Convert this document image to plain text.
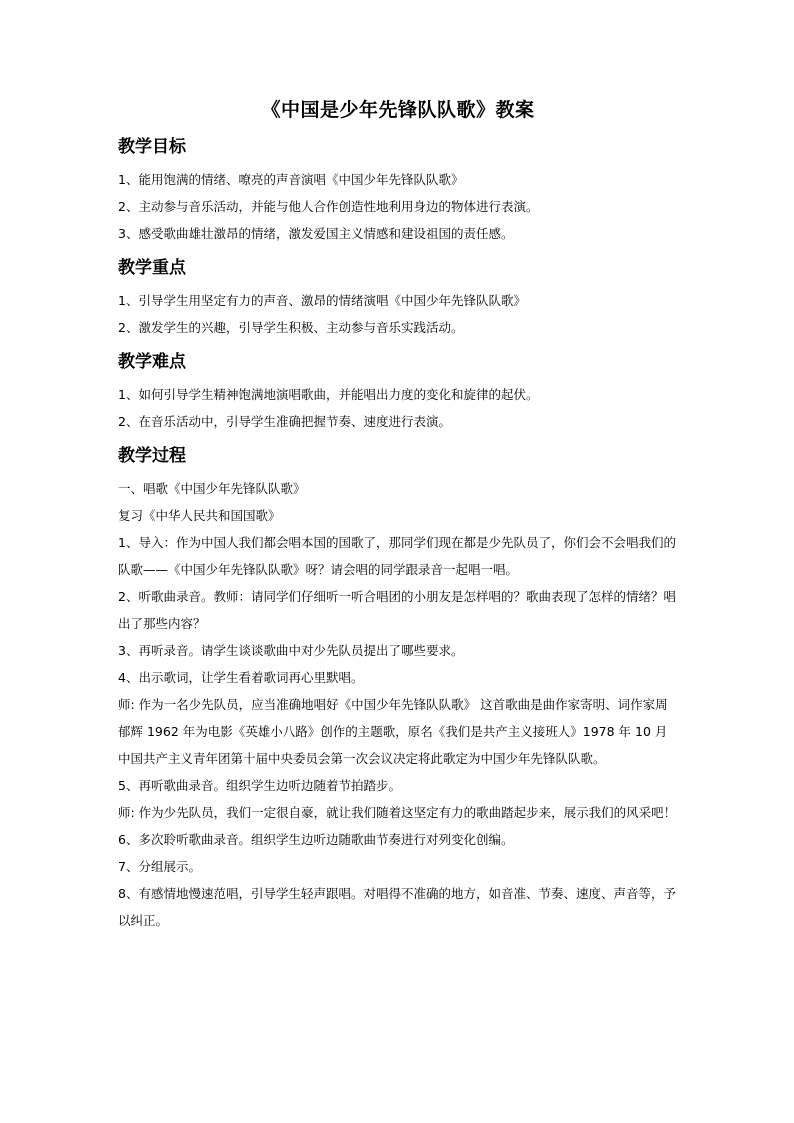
《中国是少年先锋队队歌》教案
教学目标

1、能用饱满的情绪、嘹亮的声音演唱《中国少年先锋队队歌》

2、主动参与音乐活动，并能与他人合作创造性地利用身边的物体进行表演。

3、感受歌曲雄壮激昂的情绪，激发爱国主义情感和建设祖国的责任感。

教学重点

1、引导学生用坚定有力的声音、激昂的情绪演唱《中国少年先锋队队歌》

2、激发学生的兴趣，引导学生积极、主动参与音乐实践活动。

教学难点

1、如何引导学生精神饱满地演唱歌曲，并能唱出力度的变化和旋律的起伏。

2、在音乐活动中，引导学生准确把握节奏、速度进行表演。

教学过程

一、唱歌《中国少年先锋队队歌》

复习《中华人民共和国国歌》

1、导入：作为中国人我们都会唱本国的国歌了，那同学们现在都是少先队员了，你们会不会唱我们的队歌——《中国少年先锋队队歌》呀？请会唱的同学跟录音一起唱一唱。

2、听歌曲录音。教师：请同学们仔细听一听合唱团的小朋友是怎样唱的？歌曲表现了怎样的情绪？唱出了那些内容？

3、再听录音。请学生谈谈歌曲中对少先队员提出了哪些要求。

4、出示歌词，让学生看着歌词再心里默唱。

师: 作为一名少先队员，应当准确地唱好《中国少年先锋队队歌》 这首歌曲是曲作家寄明、词作家周郁辉 1962 年为电影《英雄小八路》创作的主题歌，原名《我们是共产主义接班人》1978 年 10 月中国共产主义青年团第十届中央委员会第一次会议决定将此歌定为中国少年先锋队队歌。

5、再听歌曲录音。组织学生边听边随着节拍踏步。

师: 作为少先队员，我们一定很自豪，就让我们随着这坚定有力的歌曲踏起步来，展示我们的风采吧！

6、多次聆听歌曲录音。组织学生边听边随歌曲节奏进行对列变化创编。

7、分组展示。

8、有感情地慢速范唱，引导学生轻声跟唱。对唱得不准确的地方，如音准、节奏、速度、声音等，予以纠正。
